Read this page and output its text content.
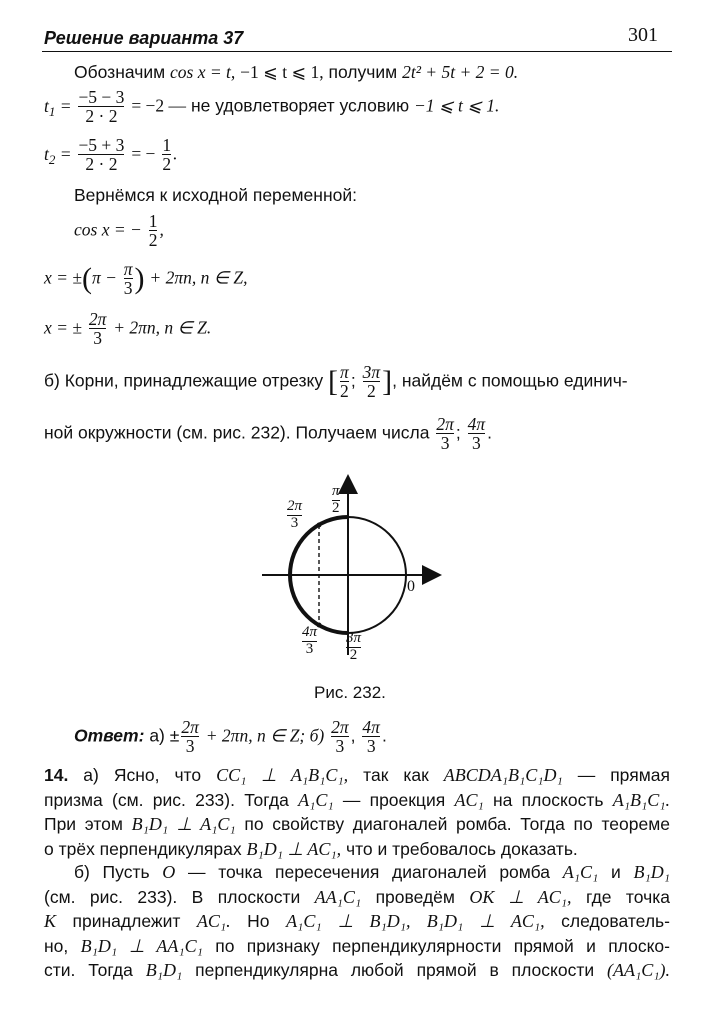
Решение варианта 37	301
Обозначим cos x = t, −1 ⩽ t ⩽ 1, получим 2t² + 5t + 2 = 0.
$t_1 = \frac{-5 - 3}{2 \cdot 2} = -2$ — не удовлетворяет условию −1 ⩽ t ⩽ 1.
$t_2 = \frac{-5 + 3}{2 \cdot 2}$ = − $\frac{1}{2}$ .
Вернёмся к исходной переменной:
cos x = − $\frac{1}{2}$ ,
$x = \pm(\pi - \frac{\pi}{3}$ ) + 2πn, n ∈ Z,
x = ± $\frac{2\pi}{3} + 2\pi n$, n ∈ Z.
б) Корни, принадлежащие отрезку [ $\frac{\pi}{2}$ ; $\frac{3\pi}{2}$ ], найдём с помощью единич-
ной окружности (см. рис. 232). Получаем числа $\frac{2\pi}{3}$ ; $\frac{4\pi}{3}$ .
$\frac{\pi}{2}$
$\frac{2\pi}{3}$
0
$\frac{4\pi}{3} \frac{3\pi}{2}$
Рис. 232.
Ответ: $а) \pm \frac{2\pi}{3} + 2\pi n$, n ∈ Z; $б) \frac{2\pi}{3}$ , $\frac{4\pi}{3}$ .
14. а) Ясно, что CC₁ ⊥ A₁B₁C₁, так как ABCDA₁B₁C₁D₁ — прямая
призма (см. рис. 233). Тогда A₁C₁ — проекция AC₁ на плоскость A₁B₁C₁.
При этом B₁D₁ ⊥ A₁C₁ по свойству диагоналей ромба. Тогда по теореме
о трёх перпендикулярах B₁D₁ ⊥ AC₁, что и требовалось доказать.
б) Пусть O — точка пересечения диагоналей ромба A₁C₁ и B₁D₁
(см. рис. 233). В плоскости AA₁C₁ проведём OK ⊥ AC₁, где точка
K принадлежит AC₁. Но A₁C₁ ⊥ B₁D₁, B₁D₁ ⊥ AC₁, следователь-
но, B₁D₁ ⊥ AA₁C₁ по признаку перпендикулярности прямой и плоско-
сти. Тогда B₁D₁ перпендикулярна любой прямой в плоскости (AA₁C₁).
